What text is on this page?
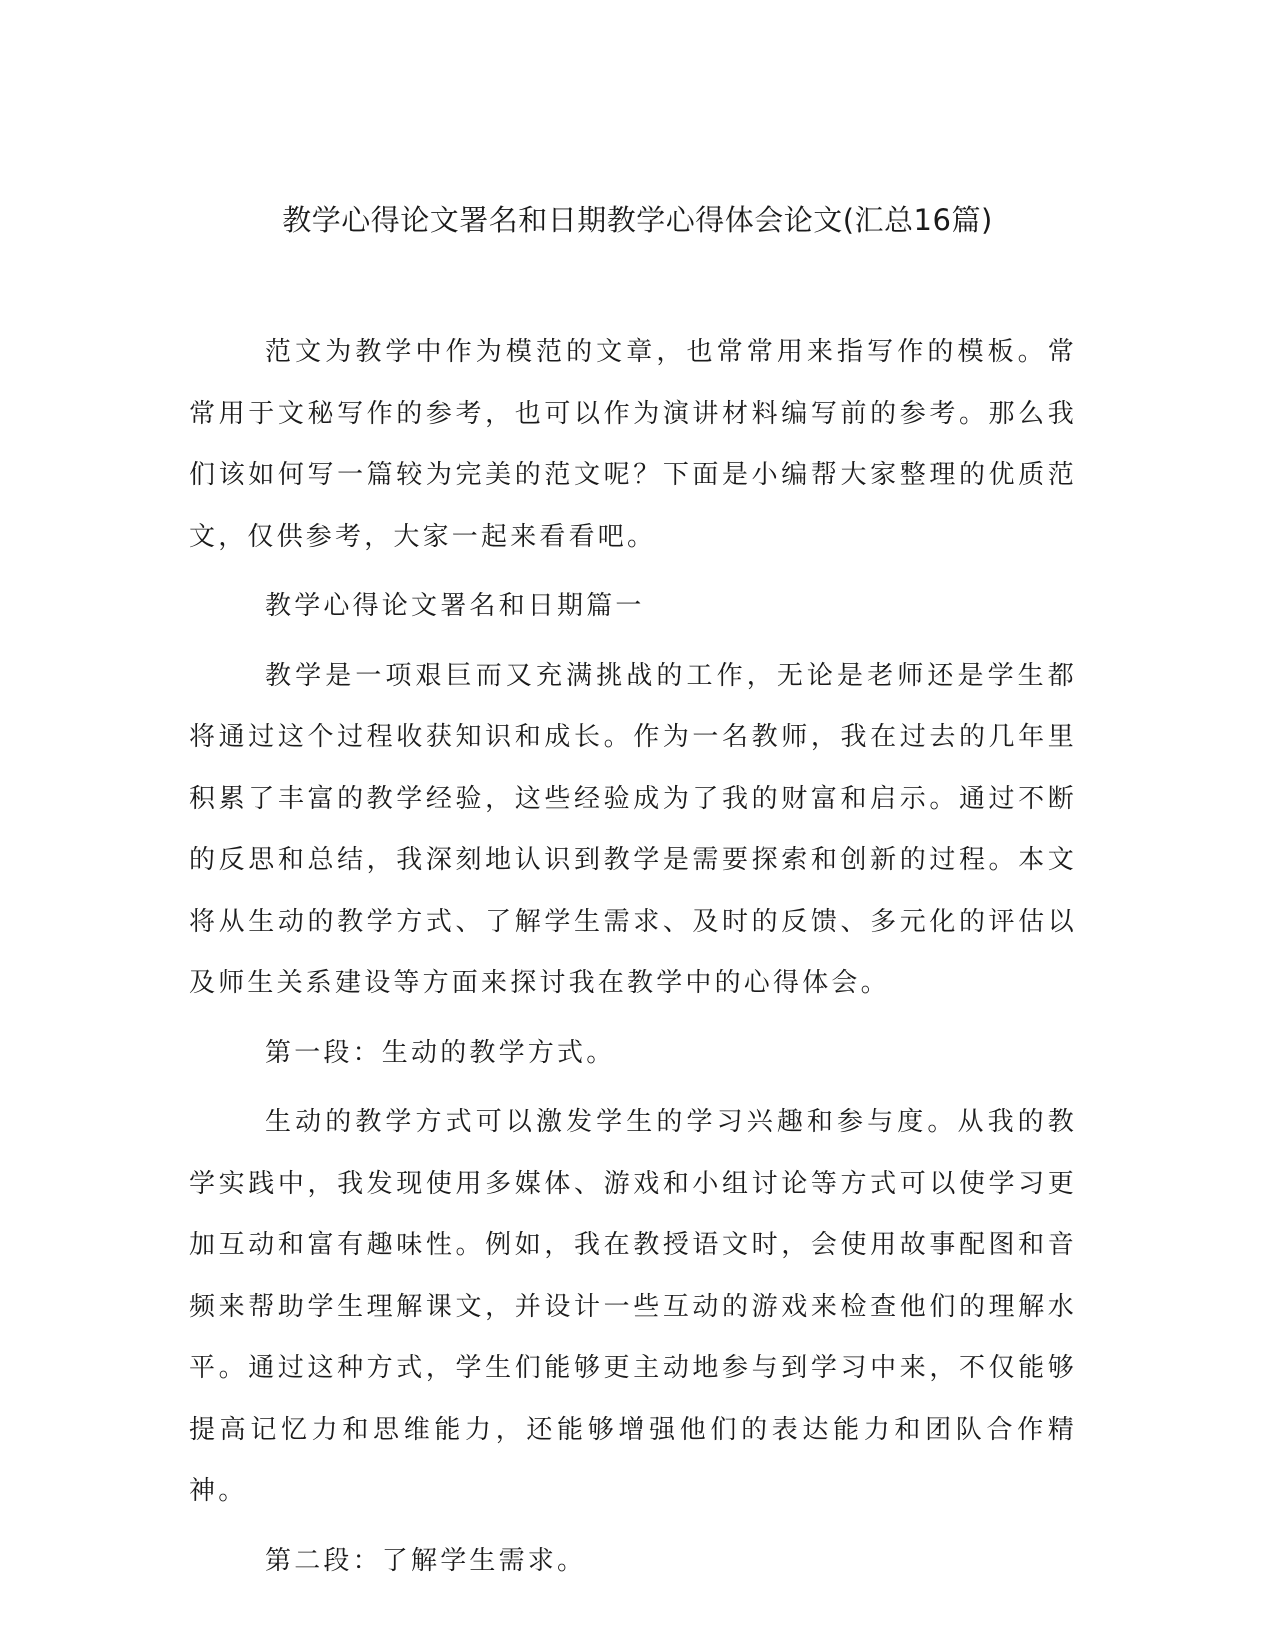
教学心得论文署名和日期教学心得体会论文(汇总16篇)

范文为教学中作为模范的文章，也常常用来指写作的模板。常常用于文秘写作的参考，也可以作为演讲材料编写前的参考。那么我们该如何写一篇较为完美的范文呢？下面是小编帮大家整理的优质范文，仅供参考，大家一起来看看吧。

教学心得论文署名和日期篇一

教学是一项艰巨而又充满挑战的工作，无论是老师还是学生都将通过这个过程收获知识和成长。作为一名教师，我在过去的几年里积累了丰富的教学经验，这些经验成为了我的财富和启示。通过不断的反思和总结，我深刻地认识到教学是需要探索和创新的过程。本文将从生动的教学方式、了解学生需求、及时的反馈、多元化的评估以及师生关系建设等方面来探讨我在教学中的心得体会。

第一段：生动的教学方式。

生动的教学方式可以激发学生的学习兴趣和参与度。从我的教学实践中，我发现使用多媒体、游戏和小组讨论等方式可以使学习更加互动和富有趣味性。例如，我在教授语文时，会使用故事配图和音频来帮助学生理解课文，并设计一些互动的游戏来检查他们的理解水平。通过这种方式，学生们能够更主动地参与到学习中来，不仅能够提高记忆力和思维能力，还能够增强他们的表达能力和团队合作精神。

第二段：了解学生需求。
